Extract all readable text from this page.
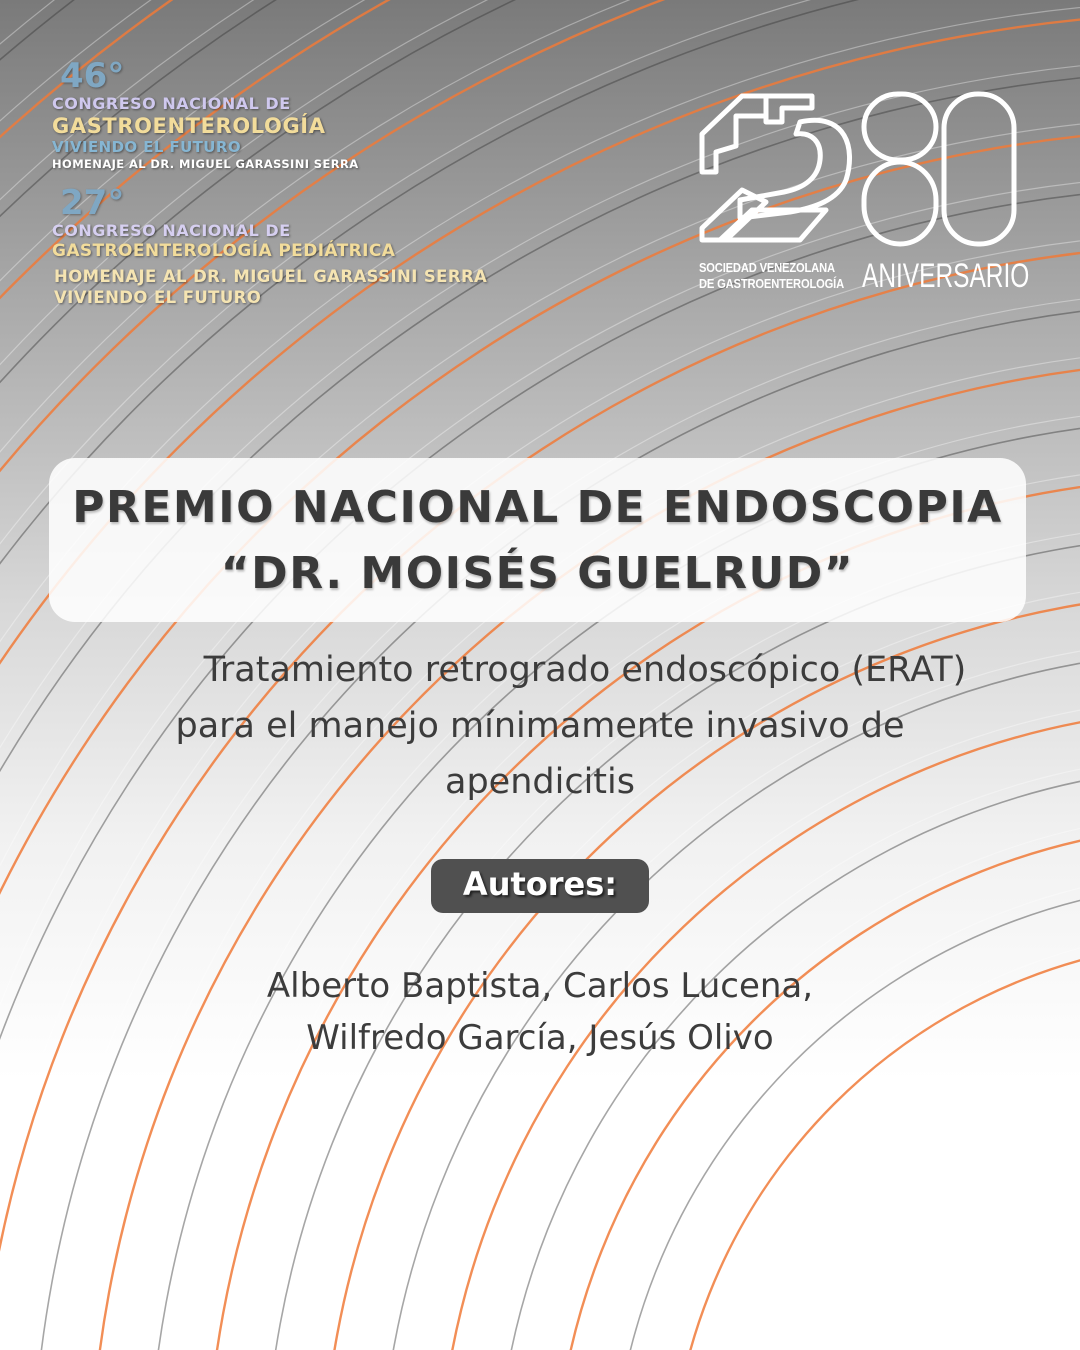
46°
CONGRESO NACIONAL DE
GASTROENTEROLOGÍA
VIVIENDO EL FUTURO
HOMENAJE AL DR. MIGUEL GARASSINI SERRA
27°
CONGRESO NACIONAL DE
GASTROENTEROLOGÍA PEDIÁTRICA
HOMENAJE AL DR. MIGUEL GARASSINI SERRA
VIVIENDO EL FUTURO
SOCIEDAD VENEZOLANA
DE GASTROENTEROLOGÍA ANIVERSARIO
PREMIO NACIONAL DE ENDOSCOPIA
“DR. MOISÉS GUELRUD”
Tratamiento retrogrado endoscópico (ERAT)
para el manejo mínimamente invasivo de
apendicitis
Autores:
Alberto Baptista, Carlos Lucena,
Wilfredo García, Jesús Olivo
